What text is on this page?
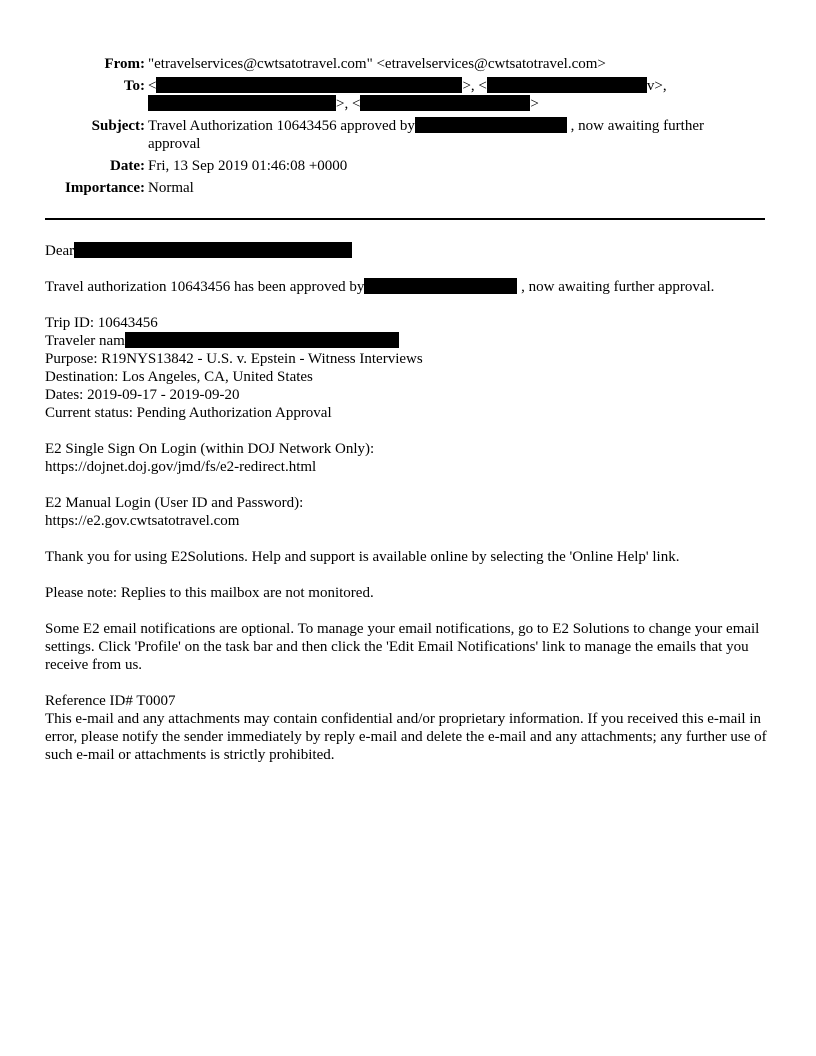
From: "etravelservices@cwtsatotravel.com" <etravelservices@cwtsatotravel.com>
To: <	>, <	v>,
>, <	>
Subject: Travel Authorization 10643456 approved by	, now awaiting further
approval
Date: Fri, 13 Sep 2019 01:46:08 +0000
Importance: Normal
Dear
Travel authorization 10643456 has been approved by	, now awaiting further approval.
Trip ID: 10643456
Traveler nam
Purpose: R19NYS13842 - U.S. v. Epstein - Witness Interviews
Destination: Los Angeles, CA, United States
Dates: 2019-09-17 - 2019-09-20
Current status: Pending Authorization Approval
E2 Single Sign On Login (within DOJ Network Only):
https://dojnet.doj.gov/jmd/fs/e2-redirect.html
E2 Manual Login (User ID and Password):
https://e2.gov.cwtsatotravel.com
Thank you for using E2Solutions. Help and support is available online by selecting the 'Online Help' link.
Please note: Replies to this mailbox are not monitored.
Some E2 email notifications are optional. To manage your email notifications, go to E2 Solutions to change your email settings. Click 'Profile' on the task bar and then click the 'Edit Email Notifications' link to manage the emails that you receive from us.
Reference ID# T0007
This e-mail and any attachments may contain confidential and/or proprietary information. If you received this e-mail in error, please notify the sender immediately by reply e-mail and delete the e-mail and any attachments; any further use of such e-mail or attachments is strictly prohibited.
